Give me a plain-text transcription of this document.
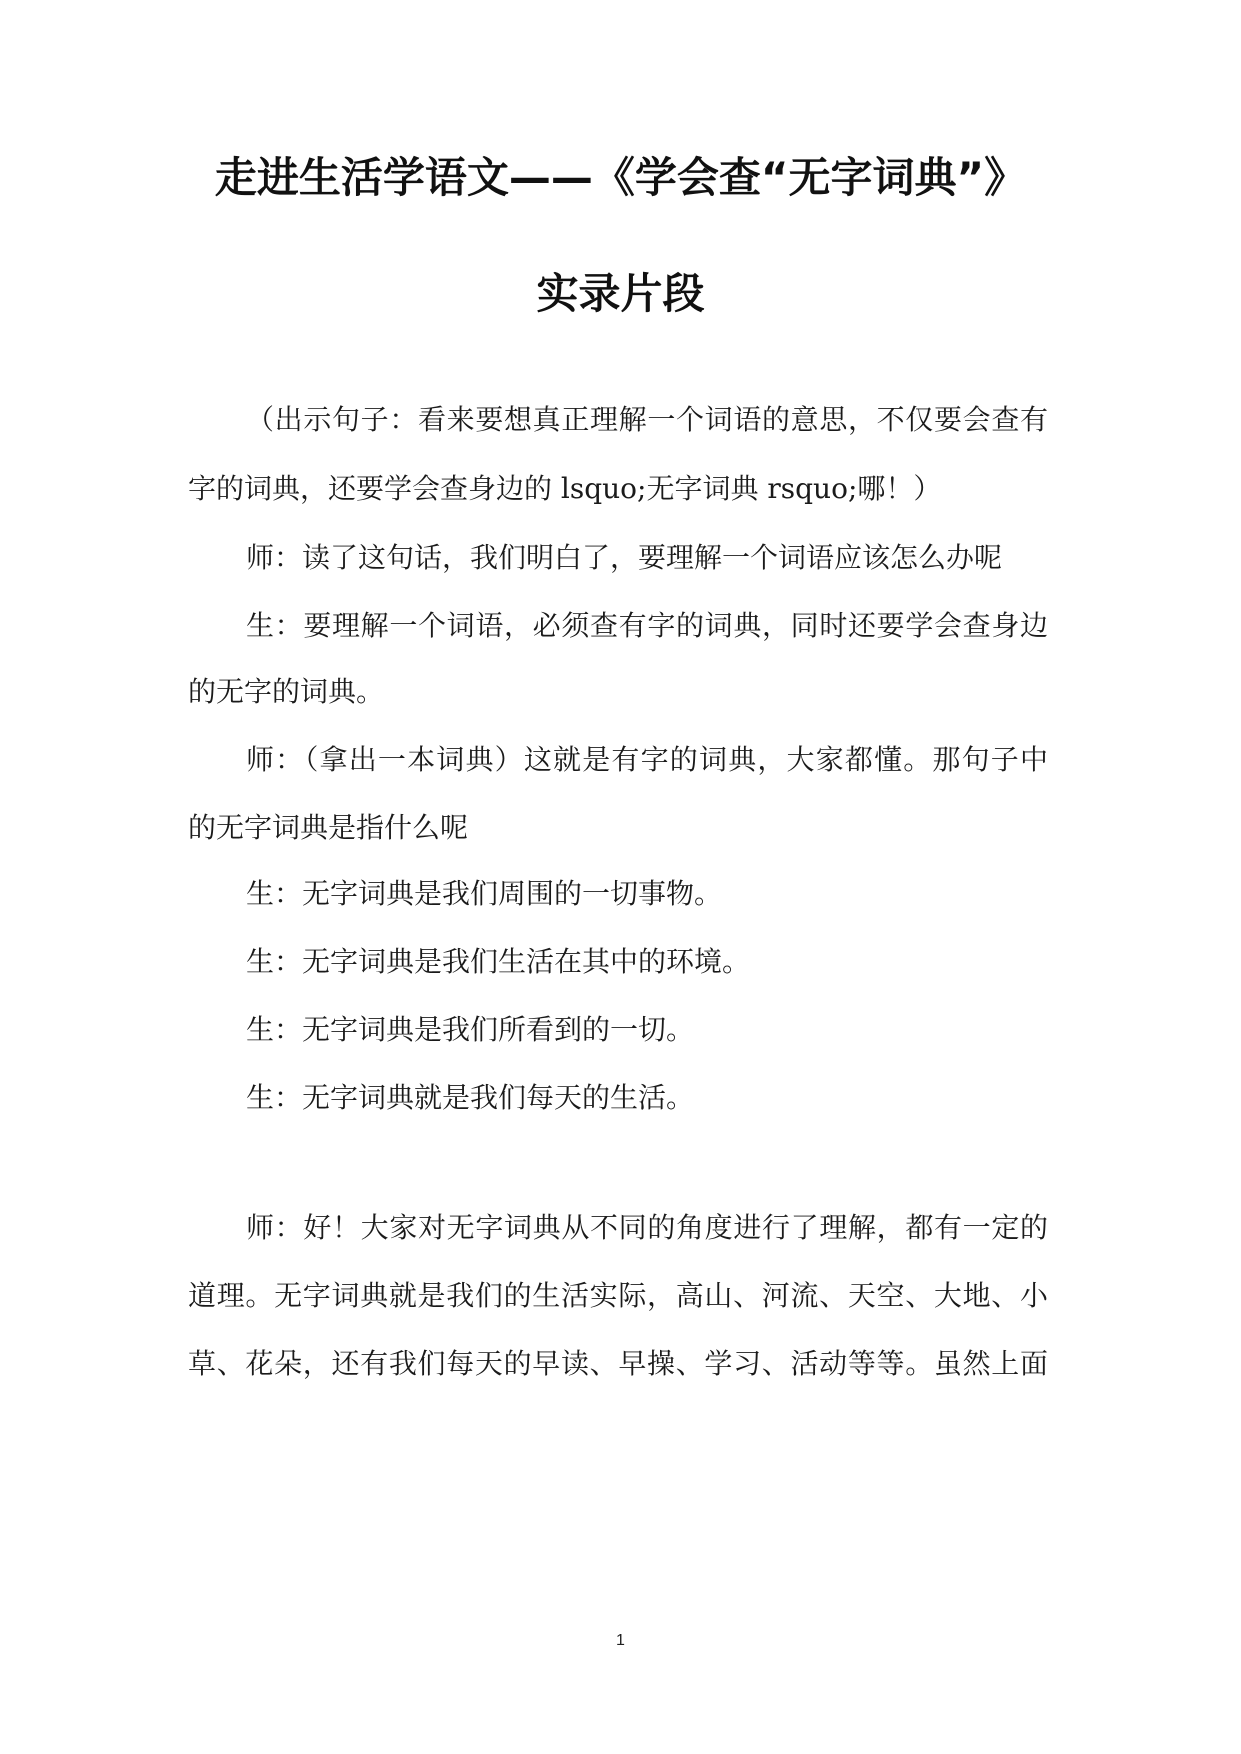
走进生活学语文——《学会查“无字词典”》
实录片段
（出示句子：看来要想真正理解一个词语的意思，不仅要会查有
字的词典，还要学会查身边的 lsquo;无字词典 rsquo;哪！）
师：读了这句话，我们明白了，要理解一个词语应该怎么办呢
生：要理解一个词语，必须查有字的词典，同时还要学会查身边
的无字的词典。
师：（拿出一本词典）这就是有字的词典，大家都懂。那句子中
的无字词典是指什么呢
生：无字词典是我们周围的一切事物。
生：无字词典是我们生活在其中的环境。
生：无字词典是我们所看到的一切。
生：无字词典就是我们每天的生活。
师：好！大家对无字词典从不同的角度进行了理解，都有一定的
道理。无字词典就是我们的生活实际，高山、河流、天空、大地、小
草、花朵，还有我们每天的早读、早操、学习、活动等等。虽然上面
1
